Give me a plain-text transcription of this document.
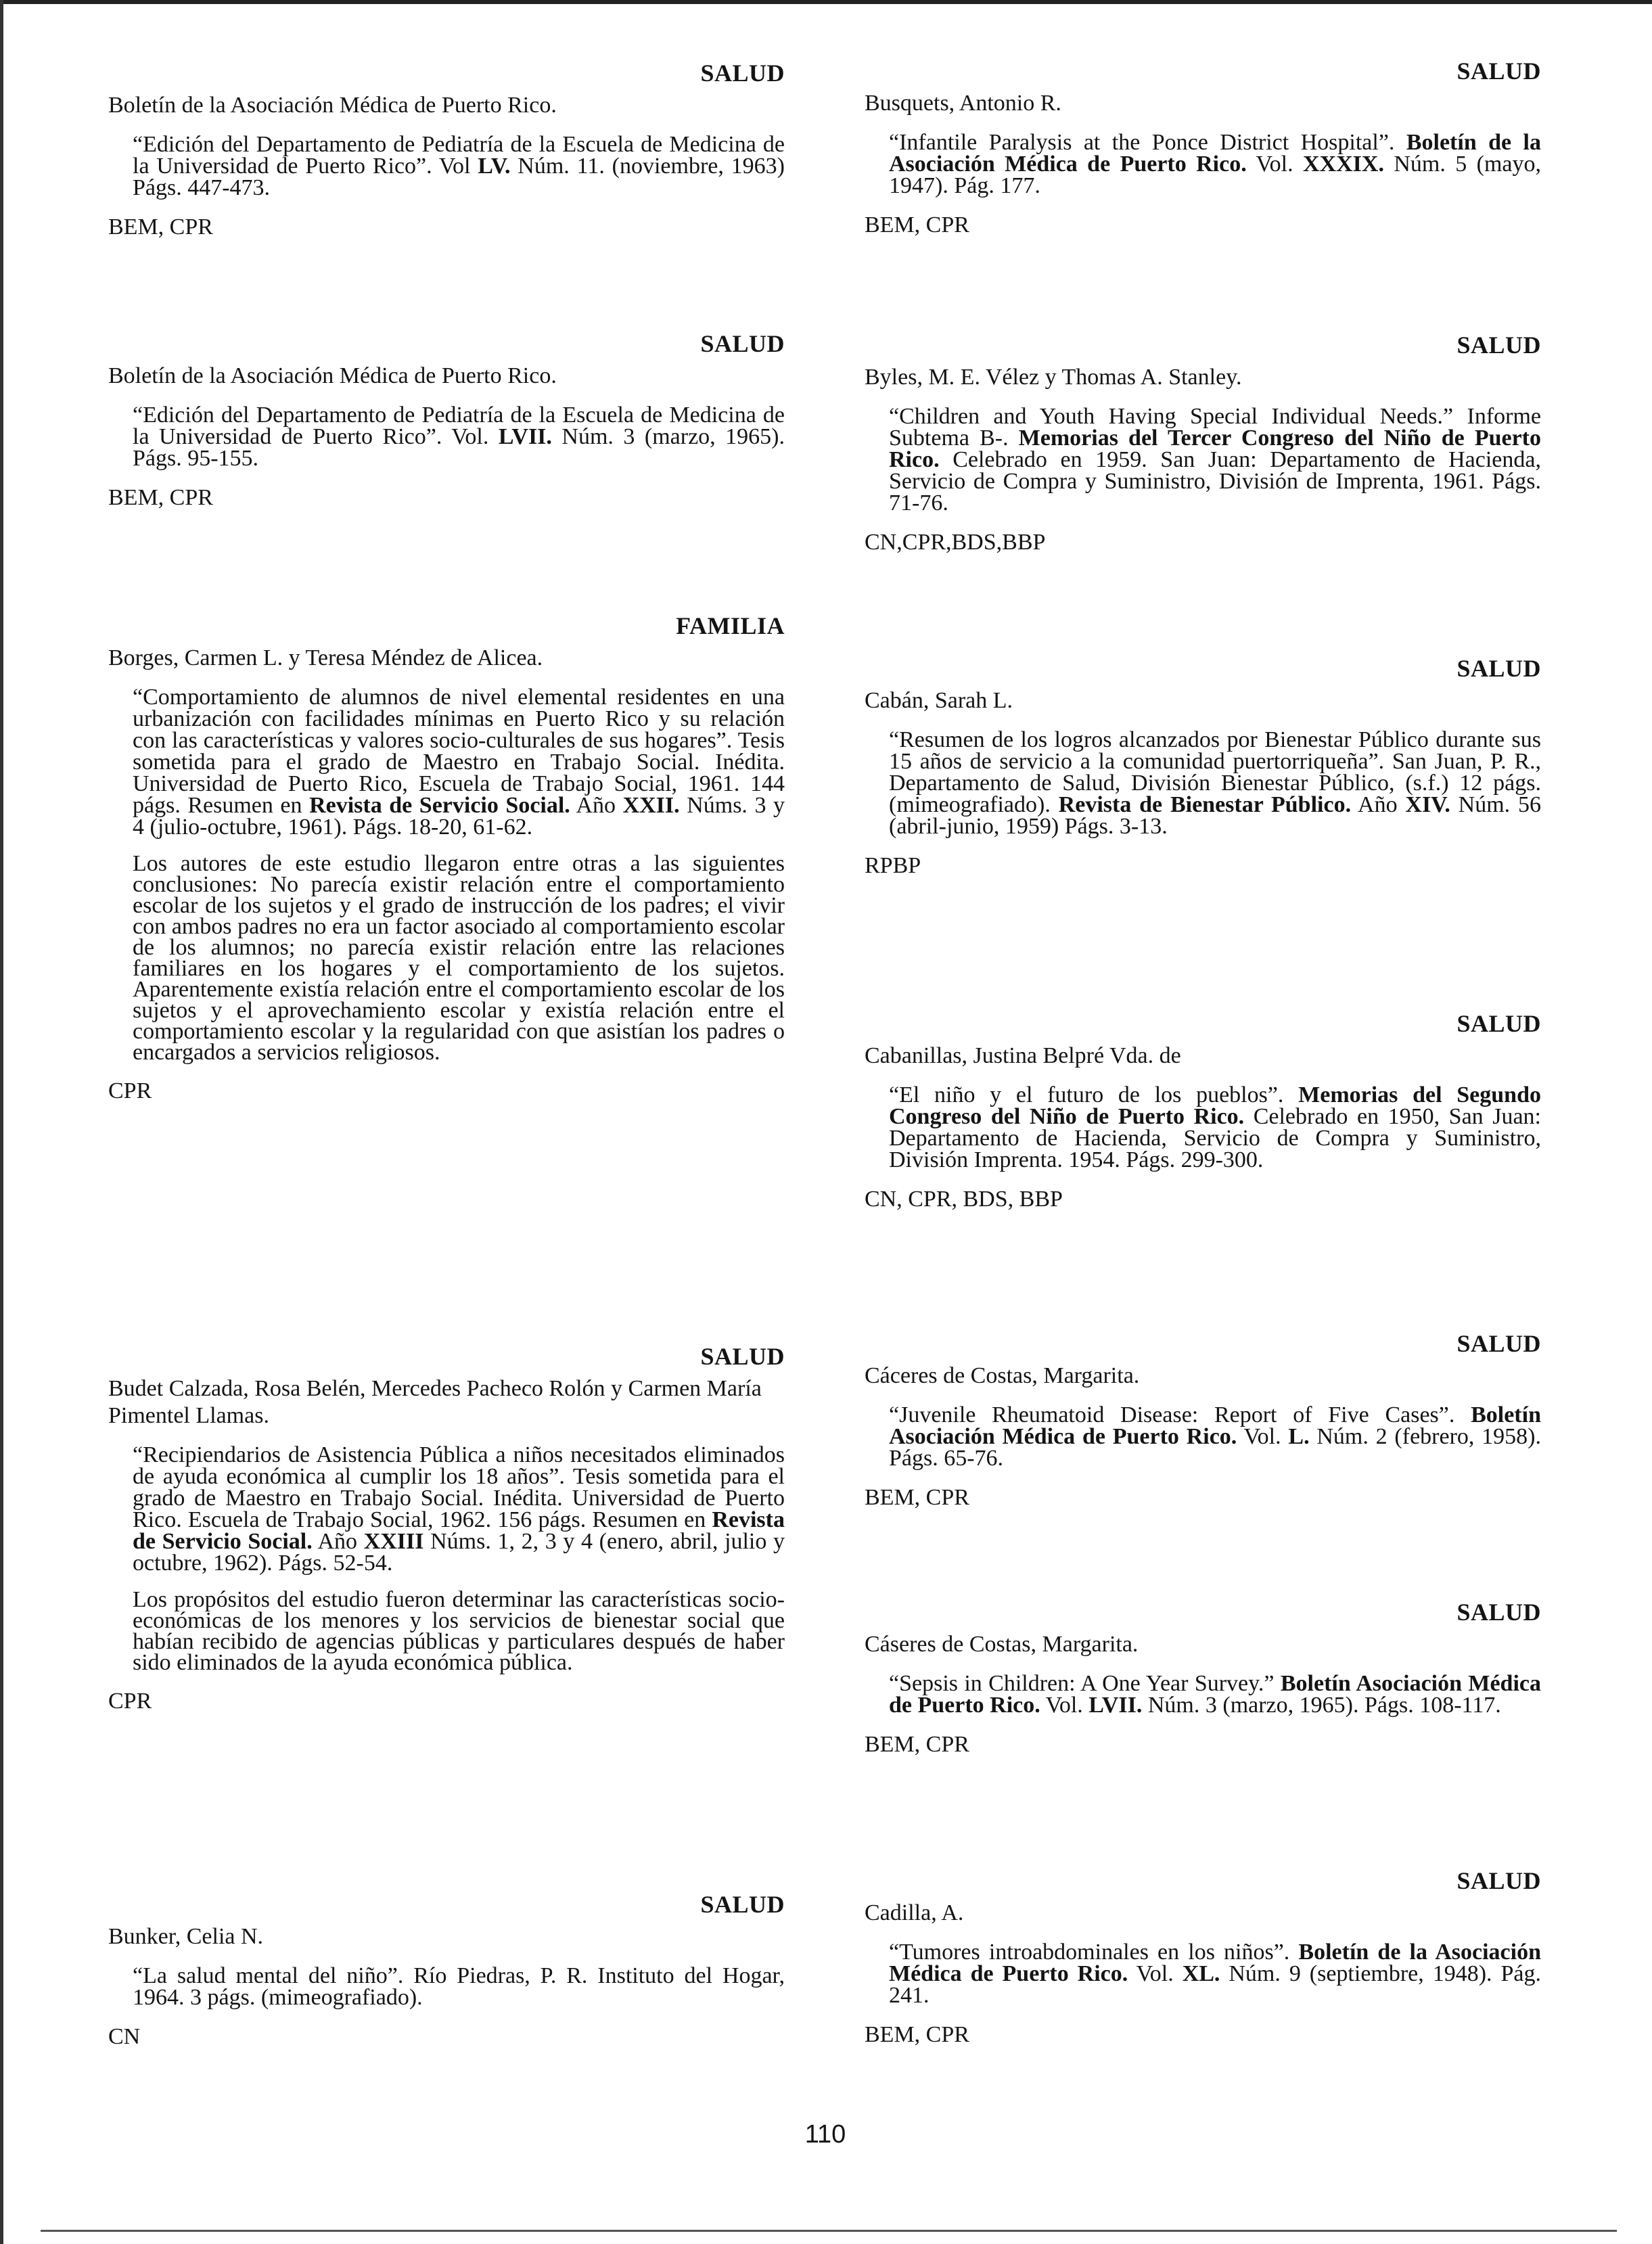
SALUD
Boletín de la Asociación Médica de Puerto Rico.
“Edición del Departamento de Pediatría de la Escuela de Medicina de la Universidad de Puerto Rico”. Vol LV. Núm. 11. (noviembre, 1963) Págs. 447-473.
BEM, CPR
SALUD
Boletín de la Asociación Médica de Puerto Rico.
“Edición del Departamento de Pediatría de la Escuela de Medicina de la Universidad de Puerto Rico”. Vol. LVII. Núm. 3 (marzo, 1965). Págs. 95-155.
BEM, CPR
FAMILIA
Borges, Carmen L. y Teresa Méndez de Alicea.
“Comportamiento de alumnos de nivel elemental residentes en una urbanización con facilidades mínimas en Puerto Rico y su relación con las características y valores socio-culturales de sus hogares”. Tesis sometida para el grado de Maestro en Trabajo Social. Inédita. Universidad de Puerto Rico, Escuela de Trabajo Social, 1961. 144 págs. Resumen en Revista de Servicio Social. Año XXII. Núms. 3 y 4 (julio-octubre, 1961). Págs. 18-20, 61-62.
Los autores de este estudio llegaron entre otras a las siguientes conclusiones: No parecía existir relación entre el comportamiento escolar de los sujetos y el grado de instrucción de los padres; el vivir con ambos padres no era un factor asociado al comportamiento escolar de los alumnos; no parecía existir relación entre las relaciones familiares en los hogares y el comportamiento de los sujetos. Aparentemente existía relación entre el comportamiento escolar de los sujetos y el aprovechamiento escolar y existía relación entre el comportamiento escolar y la regularidad con que asistían los padres o encargados a servicios religiosos.
CPR
SALUD
Budet Calzada, Rosa Belén, Mercedes Pacheco Rolón y Carmen María Pimentel Llamas.
“Recipiendarios de Asistencia Pública a niños necesitados eliminados de ayuda económica al cumplir los 18 años”. Tesis sometida para el grado de Maestro en Trabajo Social. Inédita. Universidad de Puerto Rico. Escuela de Trabajo Social, 1962. 156 págs. Resumen en Revista de Servicio Social. Año XXIII Núms. 1, 2, 3 y 4 (enero, abril, julio y octubre, 1962). Págs. 52-54.
Los propósitos del estudio fueron determinar las características socio-económicas de los menores y los servicios de bienestar social que habían recibido de agencias públicas y particulares después de haber sido eliminados de la ayuda económica pública.
CPR
SALUD
Bunker, Celia N.
“La salud mental del niño”. Río Piedras, P. R. Instituto del Hogar, 1964. 3 págs. (mimeografiado).
CN
SALUD
Busquets, Antonio R.
“Infantile Paralysis at the Ponce District Hospital”. Boletín de la Asociación Médica de Puerto Rico. Vol. XXXIX. Núm. 5 (mayo, 1947). Pág. 177.
BEM, CPR
SALUD
Byles, M. E. Vélez y Thomas A. Stanley.
“Children and Youth Having Special Individual Needs.” Informe Subtema B-. Memorias del Tercer Congreso del Niño de Puerto Rico. Celebrado en 1959. San Juan: Departamento de Hacienda, Servicio de Compra y Suministro, División de Imprenta, 1961. Págs. 71-76.
CN,CPR,BDS,BBP
SALUD
Cabán, Sarah L.
“Resumen de los logros alcanzados por Bienestar Público durante sus 15 años de servicio a la comunidad puertorriqueña”. San Juan, P. R., Departamento de Salud, División Bienestar Público, (s.f.) 12 págs. (mimeografiado). Revista de Bienestar Público. Año XIV. Núm. 56 (abril-junio, 1959) Págs. 3-13.
RPBP
SALUD
Cabanillas, Justina Belpré Vda. de
“El niño y el futuro de los pueblos”. Memorias del Segundo Congreso del Niño de Puerto Rico. Celebrado en 1950, San Juan: Departamento de Hacienda, Servicio de Compra y Suministro, División Imprenta. 1954. Págs. 299-300.
CN, CPR, BDS, BBP
SALUD
Cáceres de Costas, Margarita.
“Juvenile Rheumatoid Disease: Report of Five Cases”. Boletín Asociación Médica de Puerto Rico. Vol. L. Núm. 2 (febrero, 1958). Págs. 65-76.
BEM, CPR
SALUD
Cáseres de Costas, Margarita.
“Sepsis in Children: A One Year Survey.” Boletín Asociación Médica de Puerto Rico. Vol. LVII. Núm. 3 (marzo, 1965). Págs. 108-117.
BEM, CPR
SALUD
Cadilla, A.
“Tumores introabdominales en los niños”. Boletín de la Asociación Médica de Puerto Rico. Vol. XL. Núm. 9 (septiembre, 1948). Pág. 241.
BEM, CPR
110
